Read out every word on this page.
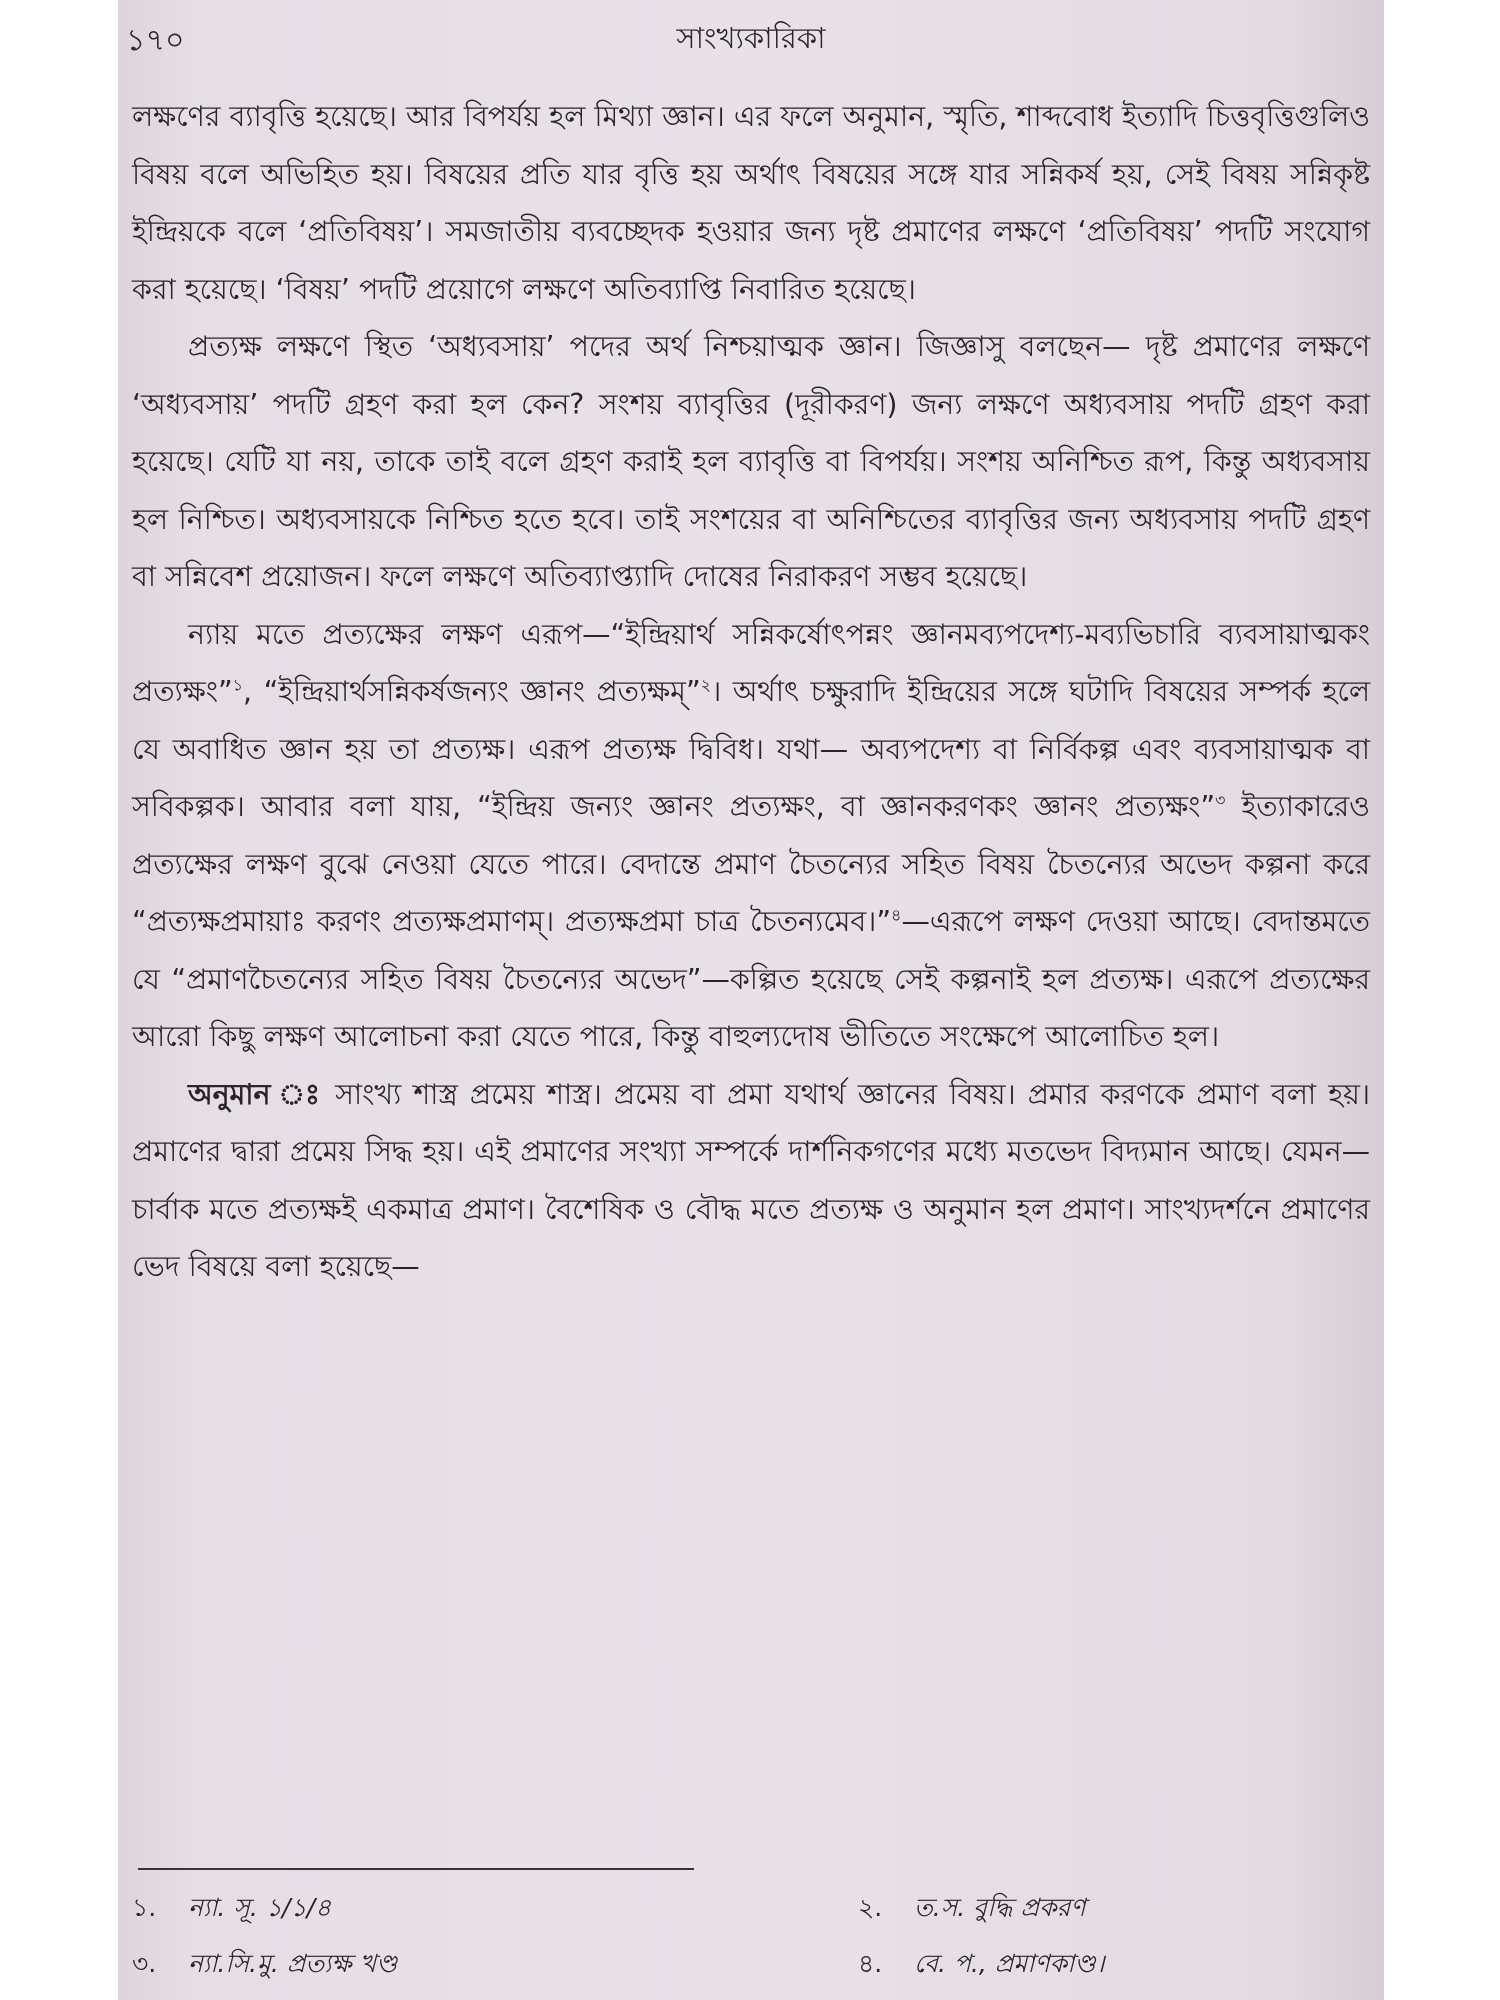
১৭০	সাংখ্যকারিকা

লক্ষণের ব্যাবৃত্তি হয়েছে। আর বিপর্যয় হল মিথ্যা জ্ঞান। এর ফলে অনুমান, স্মৃতি, শাব্দবোধ ইত্যাদি চিত্তবৃত্তিগুলিও বিষয় বলে অভিহিত হয়। বিষয়ের প্রতি যার বৃত্তি হয় অর্থাৎ বিষয়ের সঙ্গে যার সন্নিকর্ষ হয়, সেই বিষয় সন্নিকৃষ্ট ইন্দ্রিয়কে বলে ‘প্রতিবিষয়’। সমজাতীয় ব্যবচ্ছেদক হওয়ার জন্য দৃষ্ট প্রমাণের লক্ষণে ‘প্রতিবিষয়’ পদটি সংযোগ করা হয়েছে। ‘বিষয়’ পদটি প্রয়োগে লক্ষণে অতিব্যাপ্তি নিবারিত হয়েছে।

প্রত্যক্ষ লক্ষণে স্থিত ‘অধ্যবসায়’ পদের অর্থ নিশ্চয়াত্মক জ্ঞান। জিজ্ঞাসু বলছেন— দৃষ্ট প্রমাণের লক্ষণে ‘অধ্যবসায়’ পদটি গ্রহণ করা হল কেন? সংশয় ব্যাবৃত্তির (দূরীকরণ) জন্য লক্ষণে অধ্যবসায় পদটি গ্রহণ করা হয়েছে। যেটি যা নয়, তাকে তাই বলে গ্রহণ করাই হল ব্যাবৃত্তি বা বিপর্যয়। সংশয় অনিশ্চিত রূপ, কিন্তু অধ্যবসায় হল নিশ্চিত। অধ্যবসায়কে নিশ্চিত হতে হবে। তাই সংশয়ের বা অনিশ্চিতের ব্যাবৃত্তির জন্য অধ্যবসায় পদটি গ্রহণ বা সন্নিবেশ প্রয়োজন। ফলে লক্ষণে অতিব্যাপ্ত্যাদি দোষের নিরাকরণ সম্ভব হয়েছে।

ন্যায় মতে প্রত্যক্ষের লক্ষণ এরূপ—“ইন্দ্রিয়ার্থ সন্নিকর্ষোৎপন্নং জ্ঞানমব্যপদেশ্য-মব্যভিচারি ব্যবসায়াত্মকং প্রত্যক্ষং”$^১$, “ইন্দ্রিয়ার্থসন্নিকর্ষজন্যং জ্ঞানং প্রত্যক্ষম্”$^২$। অর্থাৎ চক্ষুরাদি ইন্দ্রিয়ের সঙ্গে ঘটাদি বিষয়ের সম্পর্ক হলে যে অবাধিত জ্ঞান হয় তা প্রত্যক্ষ। এরূপ প্রত্যক্ষ দ্বিবিধ। যথা— অব্যপদেশ্য বা নির্বিকল্প এবং ব্যবসায়াত্মক বা সবিকল্পক। আবার বলা যায়, “ইন্দ্রিয় জন্যং জ্ঞানং প্রত্যক্ষং, বা জ্ঞানকরণকং জ্ঞানং প্রত্যক্ষং”$^৩$ ইত্যাকারেও প্রত্যক্ষের লক্ষণ বুঝে নেওয়া যেতে পারে। বেদান্তে প্রমাণ চৈতন্যের সহিত বিষয় চৈতন্যের অভেদ কল্পনা করে “প্রত্যক্ষপ্রমায়াঃ করণং প্রত্যক্ষপ্রমাণম্। প্রত্যক্ষপ্রমা চাত্র চৈতন্যমেব।”$^৪$—এরূপে লক্ষণ দেওয়া আছে। বেদান্তমতে যে “প্রমাণচৈতন্যের সহিত বিষয় চৈতন্যের অভেদ”—কল্পিত হয়েছে সেই কল্পনাই হল প্রত্যক্ষ। এরূপে প্রত্যক্ষের আরো কিছু লক্ষণ আলোচনা করা যেতে পারে, কিন্তু বাহুল্যদোষ ভীতিতে সংক্ষেপে আলোচিত হল।

অনুমান ঃ সাংখ্য শাস্ত্র প্রমেয় শাস্ত্র। প্রমেয় বা প্রমা যথার্থ জ্ঞানের বিষয়। প্রমার করণকে প্রমাণ বলা হয়। প্রমাণের দ্বারা প্রমেয় সিদ্ধ হয়। এই প্রমাণের সংখ্যা সম্পর্কে দার্শনিকগণের মধ্যে মতভেদ বিদ্যমান আছে। যেমন—চার্বাক মতে প্রত্যক্ষই একমাত্র প্রমাণ। বৈশেষিক ও বৌদ্ধ মতে প্রত্যক্ষ ও অনুমান হল প্রমাণ। সাংখ্যদর্শনে প্রমাণের ভেদ বিষয়ে বলা হয়েছে—

১. ন্যা. সূ. ১/১/৪	২. ত.স. বুদ্ধি প্রকরণ
৩. ন্যা.সি.মু. প্রত্যক্ষ খণ্ড	৪. বে. প., প্রমাণকাণ্ড।
